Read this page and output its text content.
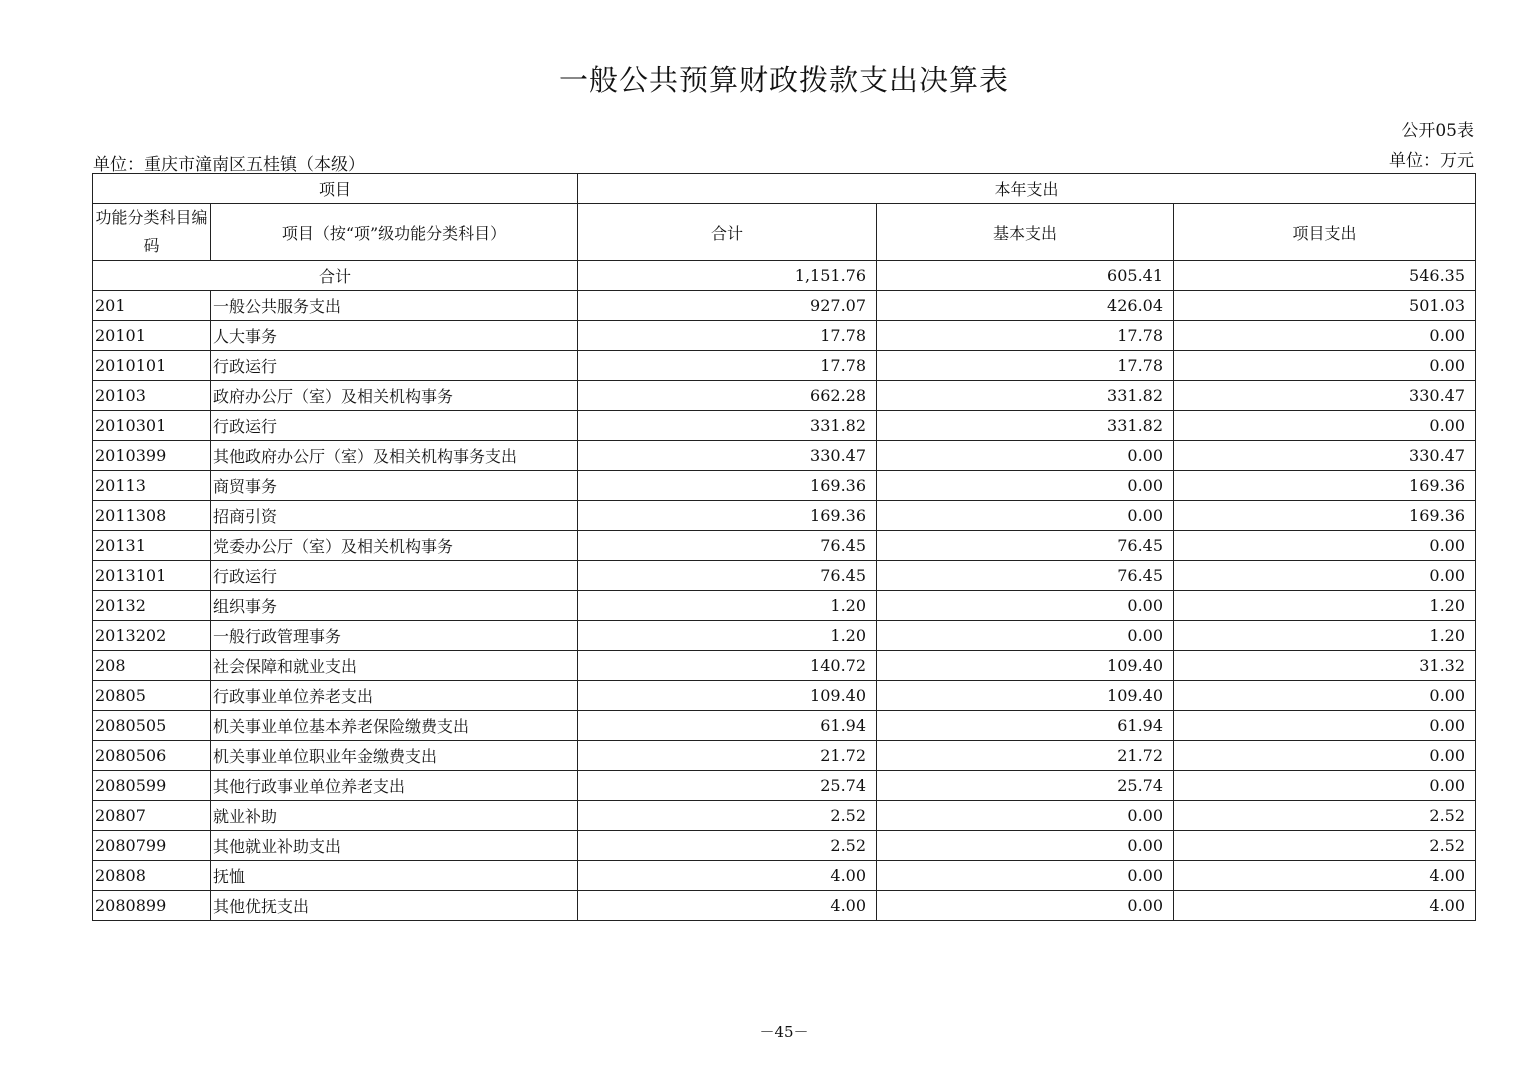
一般公共预算财政拨款支出决算表
公开05表
单位：重庆市潼南区五桂镇（本级）	单位：万元
项目		本年支出		
功能分类科目编码	项目（按“项”级功能分类科目）	合计	基本支出	项目支出
合计		1,151.76	605.41	546.35
201	一般公共服务支出	927.07	426.04	501.03
20101	人大事务	17.78	17.78	0.00
2010101	行政运行	17.78	17.78	0.00
20103	政府办公厅（室）及相关机构事务	662.28	331.82	330.47
2010301	行政运行	331.82	331.82	0.00
2010399	其他政府办公厅（室）及相关机构事务支出	330.47	0.00	330.47
20113	商贸事务	169.36	0.00	169.36
2011308	招商引资	169.36	0.00	169.36
20131	党委办公厅（室）及相关机构事务	76.45	76.45	0.00
2013101	行政运行	76.45	76.45	0.00
20132	组织事务	1.20	0.00	1.20
2013202	一般行政管理事务	1.20	0.00	1.20
208	社会保障和就业支出	140.72	109.40	31.32
20805	行政事业单位养老支出	109.40	109.40	0.00
2080505	机关事业单位基本养老保险缴费支出	61.94	61.94	0.00
2080506	机关事业单位职业年金缴费支出	21.72	21.72	0.00
2080599	其他行政事业单位养老支出	25.74	25.74	0.00
20807	就业补助	2.52	0.00	2.52
2080799	其他就业补助支出	2.52	0.00	2.52
20808	抚恤	4.00	0.00	4.00
2080899	其他优抚支出	4.00	0.00	4.00
－45－
